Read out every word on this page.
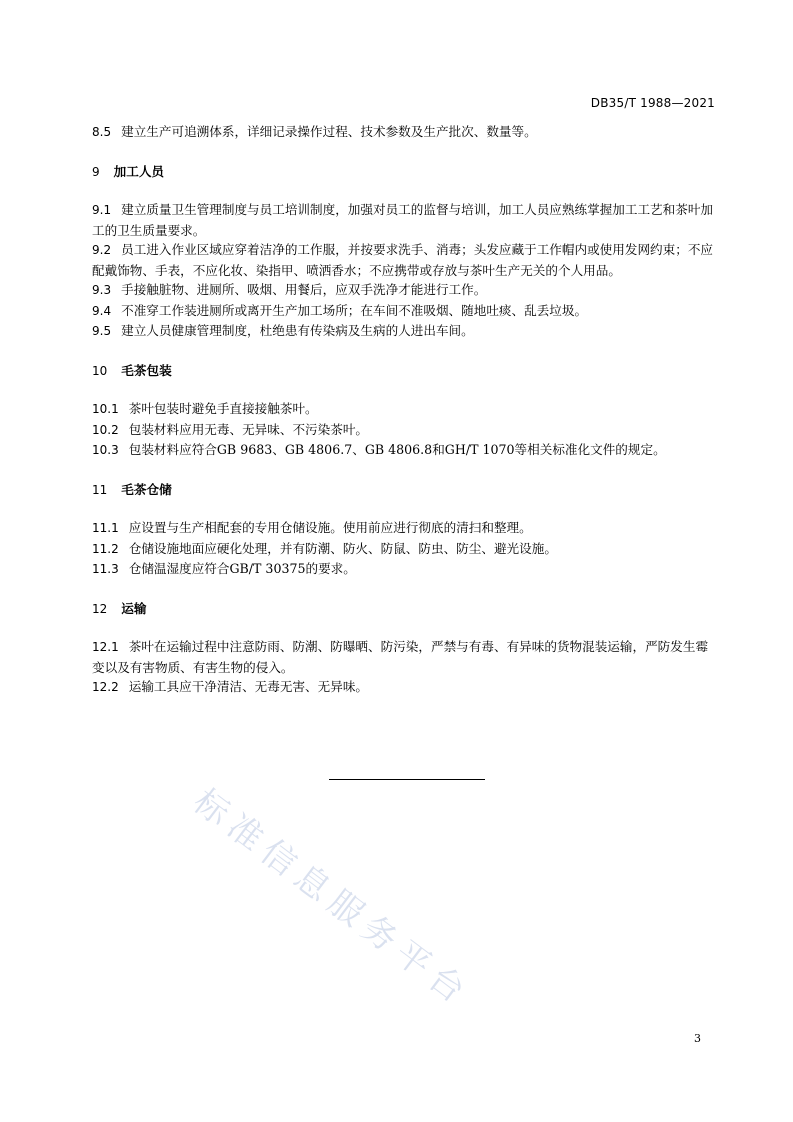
DB35/T 1988—2021

8.5 建立生产可追溯体系，详细记录操作过程、技术参数及生产批次、数量等。

9 加工人员

9.1 建立质量卫生管理制度与员工培训制度，加强对员工的监督与培训，加工人员应熟练掌握加工工艺和茶叶加工的卫生质量要求。

9.2 员工进入作业区域应穿着洁净的工作服，并按要求洗手、消毒；头发应藏于工作帽内或使用发网约束；不应配戴饰物、手表，不应化妆、染指甲、喷洒香水；不应携带或存放与茶叶生产无关的个人用品。

9.3 手接触脏物、进厕所、吸烟、用餐后，应双手洗净才能进行工作。

9.4 不准穿工作装进厕所或离开生产加工场所；在车间不准吸烟、随地吐痰、乱丢垃圾。

9.5 建立人员健康管理制度，杜绝患有传染病及生病的人进出车间。

10 毛茶包装

10.1 茶叶包装时避免手直接接触茶叶。

10.2 包装材料应用无毒、无异味、不污染茶叶。

10.3 包装材料应符合GB 9683、GB 4806.7、GB 4806.8和GH/T 1070等相关标准化文件的规定。

11 毛茶仓储

11.1 应设置与生产相配套的专用仓储设施。使用前应进行彻底的清扫和整理。

11.2 仓储设施地面应硬化处理，并有防潮、防火、防鼠、防虫、防尘、避光设施。

11.3 仓储温湿度应符合GB/T 30375的要求。

12 运输

12.1 茶叶在运输过程中注意防雨、防潮、防曝晒、防污染，严禁与有毒、有异味的货物混装运输，严防发生霉变以及有害物质、有害生物的侵入。

12.2 运输工具应干净清洁、无毒无害、无异味。

标准信息服务平台
3
